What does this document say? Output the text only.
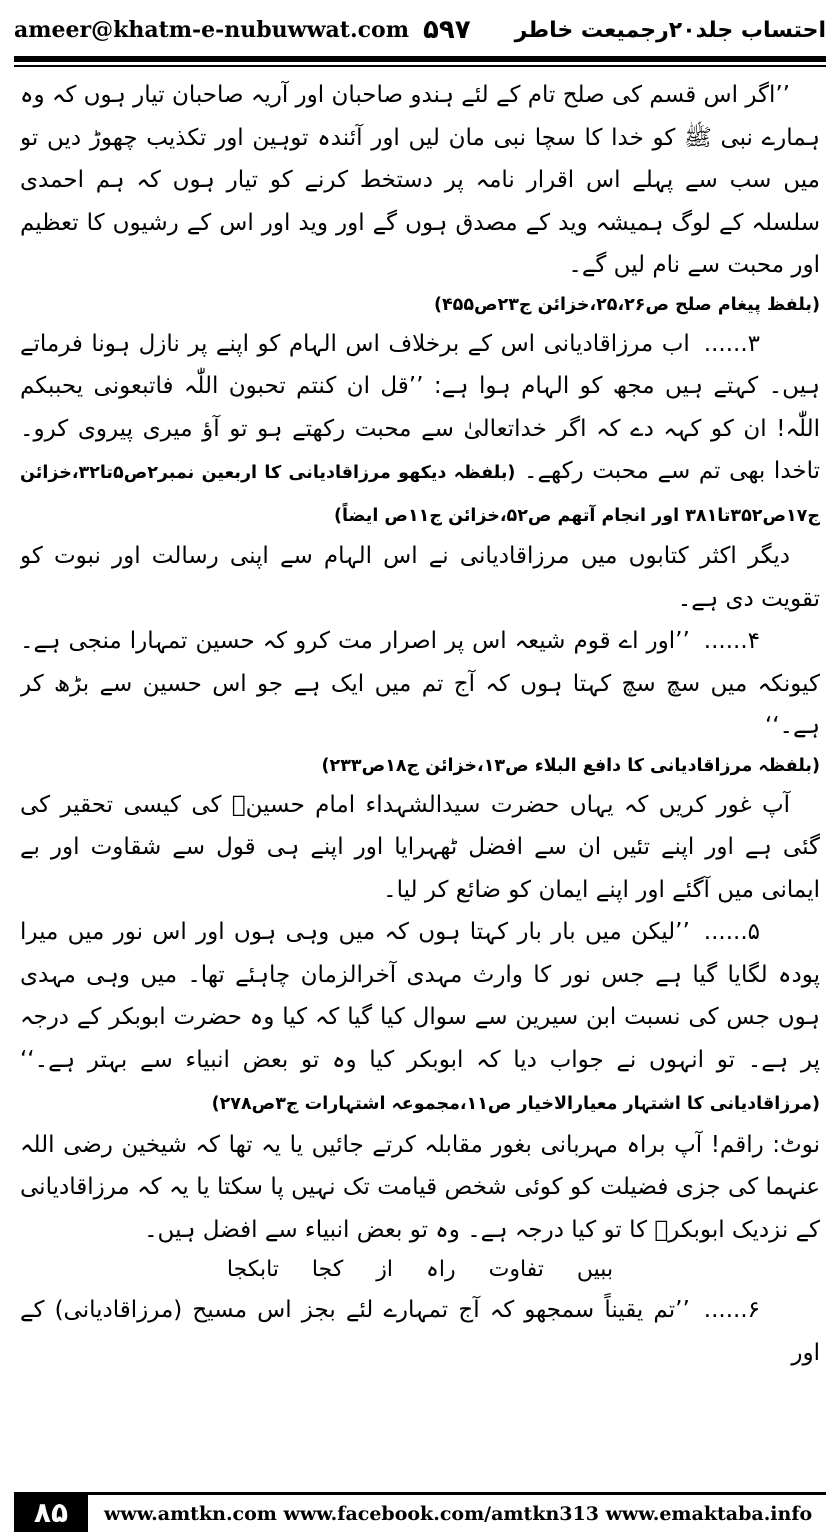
ameer@khatm-e-nubuwwat.com ۵۹۷ احتساب جلد۲۰رجمیعت خاطر

’’اگر اس قسم کی صلح تام کے لئے ہندو صاحبان اور آریہ صاحبان تیار ہوں کہ وہ ہمارے نبی ﷺ کو خدا کا سچا نبی مان لیں اور آئندہ توہین اور تکذیب چھوڑ دیں تو میں سب سے پہلے اس اقرار نامہ پر دستخط کرنے کو تیار ہوں کہ ہم احمدی سلسلہ کے لوگ ہمیشہ وید کے مصدق ہوں گے اور وید اور اس کے رشیوں کا تعظیم اور محبت سے نام لیں گے۔

(بلفظ پیغام صلح ص۲۵،۲۶،خزائن ج۲۳ص۴۵۵)

۳......اب مرزاقادیانی اس کے برخلاف اس الہام کو اپنے پر نازل ہونا فرماتے ہیں۔ کہتے ہیں مجھ کو الہام ہوا ہے: ’’قل ان کنتم تحبون اللّٰہ فاتبعونی یحببکم اللّٰہ! ان کو کہہ دے کہ اگر خداتعالیٰ سے محبت رکھتے ہو تو آؤ میری پیروی کرو۔ تاخدا بھی تم سے محبت رکھے۔ (بلفظہ دیکھو مرزاقادیانی کا اربعین نمبر۲ص۵تا۳۲،خزائن ج۱۷ص۳۵۲تا۳۸۱ اور انجام آتھم ص۵۲،خزائن ج۱۱ص ایضاً)

دیگر اکثر کتابوں میں مرزاقادیانی نے اس الہام سے اپنی رسالت اور نبوت کو تقویت دی ہے۔

۴......’’اور اے قوم شیعہ اس پر اصرار مت کرو کہ حسین تمہارا منجی ہے۔ کیونکہ میں سچ سچ کہتا ہوں کہ آج تم میں ایک ہے جو اس حسین سے بڑھ کر ہے۔‘‘

(بلفظہ مرزاقادیانی کا دافع البلاء ص۱۳،خزائن ج۱۸ص۲۳۳)

آپ غور کریں کہ یہاں حضرت سیدالشہداء امام حسینؓ کی کیسی تحقیر کی گئی ہے اور اپنے تئیں ان سے افضل ٹھہرایا اور اپنے ہی قول سے شقاوت اور بے ایمانی میں آگئے اور اپنے ایمان کو ضائع کر لیا۔

۵......’’لیکن میں بار بار کہتا ہوں کہ میں وہی ہوں اور اس نور میں میرا پودہ لگایا گیا ہے جس نور کا وارث مہدی آخرالزمان چاہئے تھا۔ میں وہی مہدی ہوں جس کی نسبت ابن سیرین سے سوال کیا گیا کہ کیا وہ حضرت ابوبکر کے درجہ پر ہے۔ تو انہوں نے جواب دیا کہ ابوبکر کیا وہ تو بعض انبیاء سے بہتر ہے۔‘‘ (مرزاقادیانی کا اشتہار معیارالاخیار ص۱۱،مجموعہ اشتہارات ج۳ص۲۷۸)

نوٹ: راقم! آپ براہ مہربانی بغور مقابلہ کرتے جائیں یا یہ تھا کہ شیخین رضی اللہ عنہما کی جزی فضیلت کو کوئی شخص قیامت تک نہیں پا سکتا یا یہ کہ مرزاقادیانی کے نزدیک ابوبکرؓ کا تو کیا درجہ ہے۔ وہ تو بعض انبیاء سے افضل ہیں۔

ببیں تفاوت راہ از کجا تابکجا

۶......’’تم یقیناً سمجھو کہ آج تمہارے لئے بجز اس مسیح (مرزاقادیانی) کے اور

۸۵	www.amtkn.com www.facebook.com/amtkn313 www.emaktaba.info
